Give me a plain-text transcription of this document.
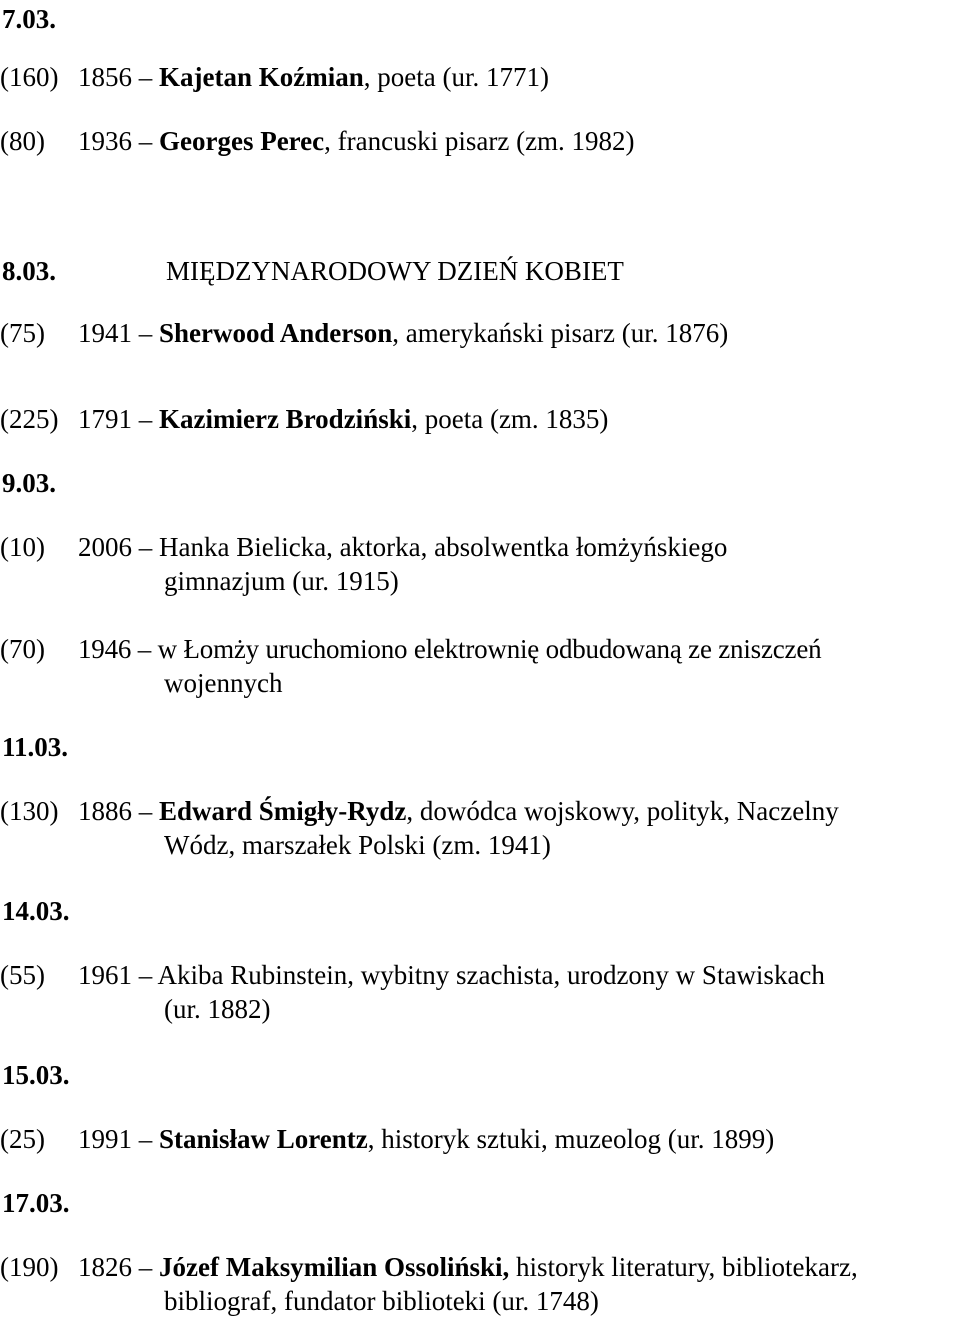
7.03.
(160) 1856 – Kajetan Koźmian, poeta (ur. 1771)
(80) 1936 – Georges Perec, francuski pisarz (zm. 1982)
8.03.	MIĘDZYNARODOWY DZIEŃ KOBIET
(75) 1941 – Sherwood Anderson, amerykański pisarz (ur. 1876)
(225) 1791 – Kazimierz Brodziński, poeta (zm. 1835)
9.03.
(10) 2006 – Hanka Bielicka, aktorka, absolwentka łomżyńskiego
gimnazjum (ur. 1915)
(70) 1946 – w Łomży uruchomiono elektrownię odbudowaną ze zniszczeń
wojennych
11.03.
(130) 1886 – Edward Śmigły-Rydz, dowódca wojskowy, polityk, Naczelny
Wódz, marszałek Polski (zm. 1941)
14.03.
(55) 1961 – Akiba Rubinstein, wybitny szachista, urodzony w Stawiskach
(ur. 1882)
15.03.
(25) 1991 – Stanisław Lorentz, historyk sztuki, muzeolog (ur. 1899)
17.03.
(190) 1826 – Józef Maksymilian Ossoliński, historyk literatury, bibliotekarz,
bibliograf, fundator biblioteki (ur. 1748)
